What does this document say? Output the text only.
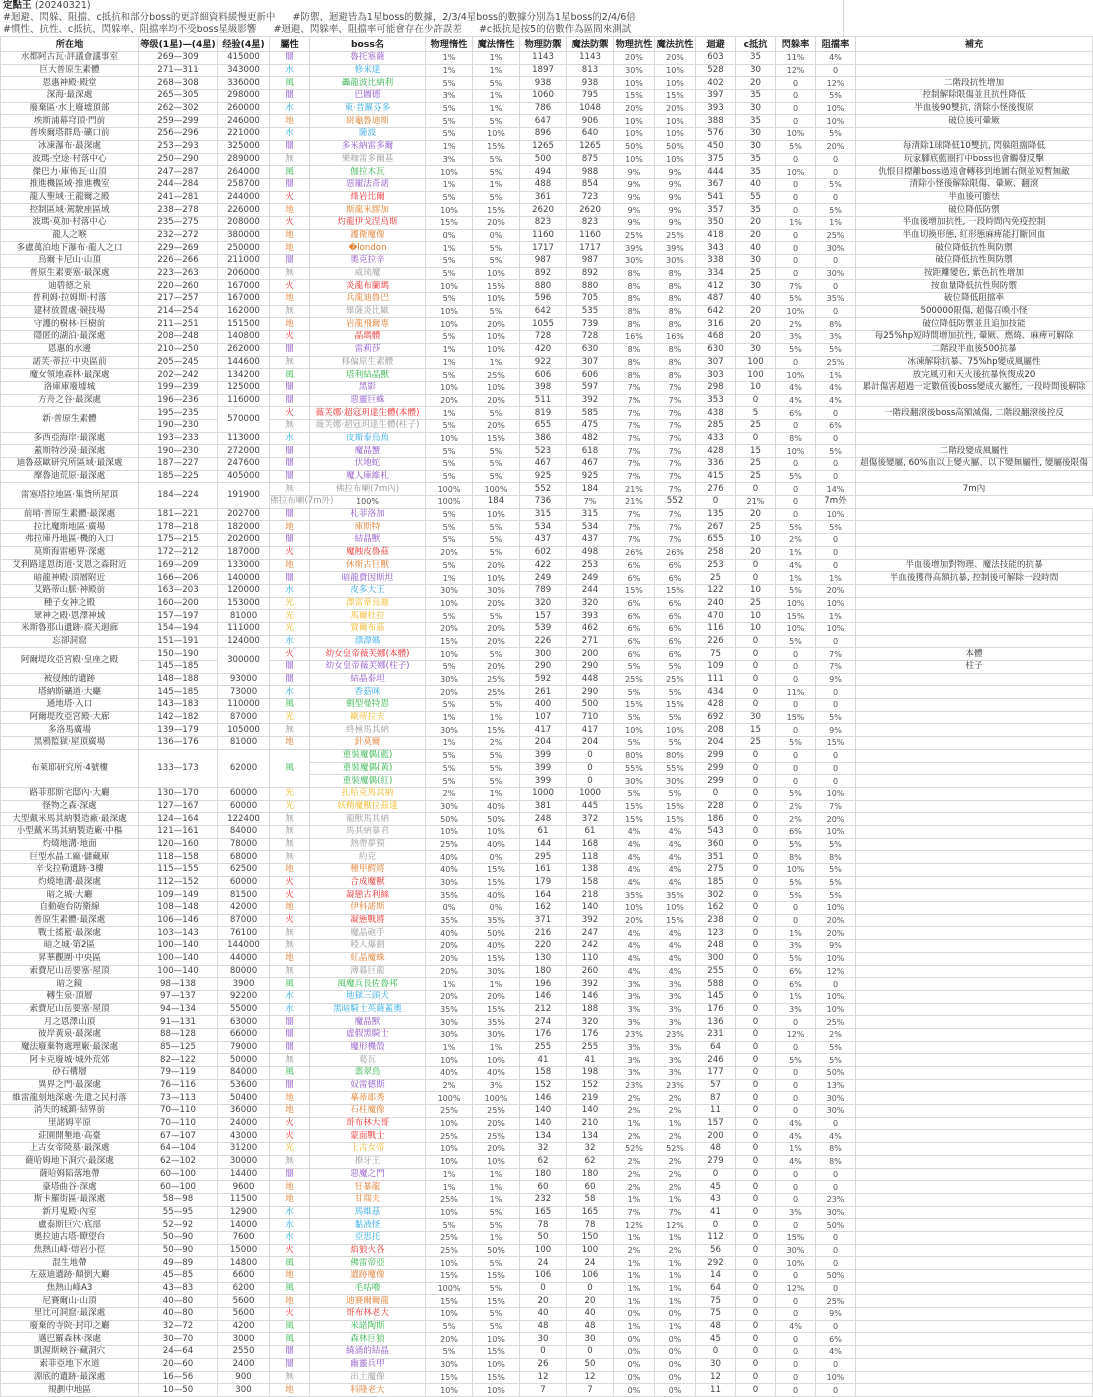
定點王 (20240321)
#迴避、閃躲、阻擋、c抵抗和部分boss的更詳細資料緩慢更新中 #防禦、迴避皆為1星boss的數據，2/3/4星boss的數據分別為1星boss的2/4/6倍
#慣性、抗性、c抵抗、閃躲率、阻擋率均不受boss星級影響 #迴避、閃躲率、阻擋率可能會存在少許誤差 #c抵抗是按5的倍數作為區間來測試
所在地	等级(1星)—(4星)	经验(4星)	屬性	boss名	物理惰性	魔法惰性	物理防禦	魔法防禦	物理抗性	魔法抗性	迴避	c抵抗	閃躲率	阻擋率	補充
水都阿古瓦·評議會議事室	269—309	415000	闇	魯托塞薩	1%	1%	1143	1143	20%	20%	603	35	11%	4%	
巨大普原生素體	271—311	343000	水	修米達	1%	1%	1897	813	30%	10%	528	30	12%	0	
恩惠神殿·殿堂	268—308	336000	風	轟龍波比納利	5%	5%	938	938	10%	10%	402	20	0	12%	二階段抗性增加
深海·最深處	265—305	298000	闇	巴圖德	3%	1%	1060	795	15%	15%	397	35	0	5%	控制解除限傷並且抗性降低
廢棄區·水上廢墟頂部	262—302	260000	水	東·昔羅芬多	5%	1%	786	1048	20%	20%	393	30	0	10%	半血後90雙抗, 清除小怪後復原
埃斯浦幕穹頂·門前	259—299	246000	地	尉龜魯迪斯	5%	5%	647	906	10%	10%	388	35	0	10%	破位後可暈厥
普埃爾塔群島·礦口前	256—296	221000	水	薩波	5%	10%	896	640	10%	10%	576	30	10%	5%	
冰凍瀑布·最深處	253—293	325000	闇	多米納雷多爾	1%	15%	1265	1265	50%	50%	450	30	5%	20%	每清除1球降低10雙抗, 閃躲阻擋降低
波瑪·空途·村落中心	250—290	289000	無	樂咖雷多爾基	3%	5%	500	875	10%	10%	375	35	0	0	玩家腳底藍圈打中boss也會觸發反擊
傑巴力·庫佈瓦·山頂	247—287	264000	風	伽拉木瓦	10%	5%	494	988	9%	9%	444	35	10%	0	仇恨目標離boss過遠會轉移到地圖右側並短暫無敵
推進機區域·推進機室	244—284	258700	闇	惡寵法奇諾	1%	1%	488	854	9%	9%	367	40	0	5%	清除小怪後解除限傷、暈厥、翻滾
龍人聖域·王龍爾之殿	241—281	244000	火	烽岩比爾	5%	5%	361	723	9%	9%	541	55	0	0	半血後可膽怯
控制區域·駕駛座區域	238—278	226000	地	斯龍米繆加	10%	15%	2620	2620	9%	9%	357	35	0	5%	破位降低防禦
波瑪·莫加·村落中心	235—275	208000	火	灼龍伊戈涅烏斯	15%	20%	823	823	9%	9%	350	20	1%	1%	半血後增加抗性, 一段時間內免疫控制
龍人之喉	232—272	380000	地	護衛魔像	0%	0%	1160	1160	25%	25%	418	20	0	25%	半血切換形態, 紅形態麻痺能打斷回血
多盧萬泊地下瀑布·龍人之口	229—269	250000	地	�london	1%	5%	1717	1717	39%	39%	343	40	0	30%	破位降低抗性與防禦
烏爾卡尼山·山頂	226—266	211000	闇	奧克拉辛	5%	5%	987	987	30%	30%	338	30	0	0	破位降低抗性與防禦
普原生素要塞·最深處	223—263	206000	無	威琉魔	5%	10%	892	892	8%	8%	334	25	0	30%	按距離變色, 紫色抗性增加
迪碧德之泉	220—260	167000	火	炎龍布蘭瑪	10%	15%	880	880	8%	8%	412	30	7%	0	按血量降低抗性與防禦
普利姆·拉姆斯·村落	217—257	167000	地	兵龍迪魯巴	5%	10%	596	705	8%	8%	487	40	5%	35%	破位降低阻擋率
建材放置處·競技場	214—254	162000	無	畢薩炎比歐	10%	5%	642	535	8%	8%	642	20	10%	0	500000限傷, 超傷召喚小怪
守護的樹林·巨樹前	211—251	151500	地	岩龍飛爾専	10%	20%	1055	739	8%	8%	316	20	2%	8%	破位降低防禦並且追加技能
隱匿的湖泊·最深處	208—248	140800	火	晶瑪體	5%	10%	728	728	16%	16%	468	20	3%	3%	每25%hp短時間增加抗性, 暈厥、燃燒、麻痺可解除
恩惠的水邊	210—250	262000	闇	雷莉莎	1%	10%	420	630	8%	8%	630	30	5%	5%	二階段半血後500抗暴
諾芙·蒂拉·中央區前	205—245	144600	無	移偏原生素體	1%	1%	922	307	8%	8%	307	100	0	25%	冰凍解除抗暴、75%hp變成風屬性
魔女領地森林·最深處	202—242	134200	風	塔利結晶獸	5%	25%	606	606	8%	8%	303	100	10%	1%	放完風刃和天火後抗暴恢復成20
洛庫庫廢墟城	199—239	125000	闇	黑影	10%	10%	398	597	7%	7%	298	10	4%	4%	累計傷害超過一定數值後boss變成火屬性, 一段時間後解除
方舟之谷·最深處	196—236	116000	闇	惡靈巨蛛	20%	20%	511	392	7%	7%	353	0	4%	4%	
新·普原生素體	195—235	570000	火	薇芙娜·超寇玥達生體(本體)	1%	5%	819	585	7%	7%	438	5	6%	0	一階段翻滾後boss高額減傷, 二階段翻滾後控反
	190—230		無	薇芙娜·超寇玥達生體(柱子)	5%	20%	655	475	7%	7%	285	25	0	6%	
多西亞海岸·最深處	193—233	113000	水	皮斯泰烏魚	10%	15%	386	482	7%	7%	433	0	8%	0	
蓋斯特沙漠·最深處	190—230	272000	闇	魔晶蟹	5%	5%	523	618	7%	7%	428	15	10%	5%	二階段變成風屬性
迪魯茲歐研究所區域·最深處	187—227	247600	闇	伏地蛇	5%	5%	467	467	7%	7%	336	25	0	0	超傷後變屬, 60%血以上變火屬、以下變無屬性, 變屬後限傷
摩魯迪荒原·最深處	185—225	405000	闇	魔人庫維札	5%	5%	925	925	7%	7%	415	25	5%	0	
雷塞塔拉地區·集貨所屋頂	184—224	191900	無	佛拉布喇(7m內)	100%	100%	552	184	21%	7%	276	0	0	14%	7m內
			佛拉布喇(7m外)	100%	100%	184	736	7%	21%	552	0	21%	0	7m外	
前哨·普原生素體·最深處	181—221	202700	闇	札菲洛加	5%	10%	315	315	7%	7%	135	20	0	10%	
拉比魔斯地區·廣場	178—218	182000	地	庫斯特	5%	5%	534	534	7%	7%	267	25	5%	5%	
弗拉庫丹地區·機的入口	175—215	202000	闇	結晶獸	5%	5%	437	437	7%	7%	655	10	2%	0	
莫斯海雷癒界·深處	172—212	187000	火	魔蝕皮魯茲	20%	5%	602	498	26%	26%	258	20	1%	0	
艾利路達恩街道·艾恩之森附近	169—209	133000	地	休斯古巨獸	5%	20%	422	253	6%	6%	253	0	4%	0	半血後增加對物理、魔法技能的抗暴
暗龍神殿·頂層附近	166—206	140000	闇	暗龍費因斯坦	1%	10%	249	249	6%	6%	25	0	1%	1%	半血後獲得高額抗暴, 控制後可解除一段時間
艾路蒂山脈·神殿前	163—203	120000	水	皮多大王	30%	30%	789	244	15%	15%	122	10	5%	20%	
種子女神之殿	160—200	153000	光	澤雷蒂烏迦	10%	20%	320	320	6%	6%	240	25	10%	10%	
眾神之殿·恩澤神域	157—197	81000	光	馬爾杜拉	5%	5%	157	393	6%	6%	470	10	15%	1%	
米斯魯那山遺跡·腐天迴廊	154—194	111000	光	賈爾布茲	20%	20%	539	462	6%	6%	116	10	10%	10%	
忘卻洞窟	151—191	124000	水	漂漂媽	15%	20%	226	271	6%	6%	226	0	5%	0	
阿爾堤玫亞宮殿·皇座之殿	150—190	300000	火	幼女皇帝薇芙娜(本體)	10%	5%	300	200	6%	6%	75	0	0	7%	本體
	145—185		闇	幼女皇帝薇芙娜(柱子)	5%	20%	290	290	5%	5%	109	0	0	7%	柱子
被侵蝕的遺跡	148—188	93000	闇	結晶泰坦	30%	25%	592	448	25%	25%	111	0	0	9%	
塔納斯礦道·大廳	145—185	73000	水	香菇咪	20%	25%	261	290	5%	5%	434	0	11%	0	
通地塔·入口	143—183	110000	風	劍型曼特恩	5%	5%	400	500	15%	15%	428	0	0	0	
阿爾堤玫亞宮殿·大廊	142—182	87000	光	歐蒂拉夫	1%	1%	107	710	5%	5%	692	30	15%	5%	
多洛馬廣場	139—179	105000	無	終極馬其納	30%	15%	417	417	10%	10%	208	15	0	9%	
黑鴉監獄·屋頂廣場	136—176	81000	地	針莫爾	1%	2%	204	204	5%	5%	204	25	5%	15%	
布萊耶研究所·4號樓	133—173	62000	風	重裝魔偶(藍)	5%	5%	399	0	80%	80%	299	0	0	0	
				重裝魔偶(黃)	5%	5%	399	0	55%	55%	299	0	0	0	
				重裝魔偶(紅)	5%	5%	399	0	30%	30%	299	0	0	0	
路菲那斯宅邸內·大廳	130—170	60000	光	扎哈克馬其納	2%	1%	1000	1000	5%	5%	0	0	5%	10%	
怪物之森·深處	127—167	60000	光	妖精魔獸拉茲達	30%	40%	381	445	15%	15%	228	0	2%	7%	
大型戴米馬其納製造廠·最深處	124—164	122400	無	龍獸馬其納	50%	50%	248	372	15%	15%	186	0	2%	20%	
小型戴米馬其納製造廠·中樞	121—161	84000	無	馬其納暴君	10%	10%	61	61	4%	4%	543	0	6%	10%	
灼燒地溝·地面	120—160	78000	無	熱帶夢獏	25%	40%	144	168	4%	4%	360	0	5%	5%	
巨型水晶工廠·儲藏庫	118—158	68000	無	約克	40%	0%	295	118	4%	4%	351	0	8%	8%	
辛戈拉勒遺跡·3樓	115—155	62500	地	種甲鰐將	40%	15%	161	138	4%	4%	275	0	10%	5%	
灼燒地溝·最深處	112—152	60000	火	合成魔獸	30%	15%	179	158	4%	4%	185	0	5%	5%	
暗之城·大廳	109—149	81500	火	凝戀古利絲	35%	40%	164	218	35%	35%	302	0	5%	5%	
自動砲台防衛線	108—148	42000	地	伊科諾斯	0%	0%	162	140	10%	10%	162	0	0	10%	
普原生素體·最深處	106—146	87000	火	凝態戰將	35%	35%	371	392	20%	15%	238	0	0	20%	
戰士搖籃·最深處	103—143	76100	無	魔晶砲手	40%	50%	216	247	4%	4%	123	0	1%	20%	
暗之城·第2區	100—140	144000	無	啞人爆劍	20%	40%	220	242	4%	4%	248	0	3%	9%	
昇華觀圍·中央區	100—140	44000	地	紅晶魔蛛	20%	15%	130	110	4%	4%	300	0	5%	10%	
索費尼山岳要塞·屋頂	100—140	80000	無	薄暮巨龍	20%	30%	180	260	4%	4%	255	0	6%	12%	
暗之鏡	98—138	3900	風	風魔兵長佐魯邦	1%	1%	196	392	3%	3%	588	0	6%	0	
轉生泉·頂層	97—137	92200	水	地獄三頭犬	20%	20%	146	146	3%	3%	145	0	1%	10%	
索費尼山岳要塞·屋頂	94—134	55000	水	黑暗騎士英薩蓋奧	35%	15%	212	188	3%	3%	176	0	3%	10%	
月之恩澤山頂	91—131	63000	闇	魔晶獸	30%	35%	274	320	3%	3%	136	0	0	25%	
彼岸黃泉·最深處	88—128	66000	闇	虛假黑騎士	30%	30%	176	176	23%	23%	231	0	12%	2%	
魔法廢棄物處理廠·最深處	85—125	79000	闇	魔形機殼	1%	1%	255	255	3%	3%	64	0	0	5%	
阿卡克廢城·城外荒郊	82—122	50000	無	葛瓦	10%	10%	41	41	3%	3%	246	0	5%	5%	
砂石構層	79—119	84000	風	翡翠鳥	40%	40%	158	198	3%	3%	177	0	0	50%	
異界之門·最深處	76—116	53600	闇	奴雷德斯	2%	3%	152	152	23%	23%	57	0	0	13%	
維雷龍刻地深處·先遣之民村落	73—113	50400	地	摹蒂耶秀	100%	100%	146	219	2%	2%	87	0	0	30%	
消失的城鎮·結界前	70—110	36000	地	石柱魔像	25%	25%	140	140	2%	2%	11	0	0	30%	
里諾姆平原	70—110	24000	火	哥布林大哥	10%	20%	140	210	1%	1%	157	0	4%	0	
莊園開墾地·高臺	67—107	43000	火	蒙面戰士	25%	25%	134	134	2%	2%	200	0	4%	4%	
上古女帝陵墓·最深處	64—104	31200	光	上古女帝	10%	20%	32	32	52%	52%	48	0	1%	8%	
薩哈姆地下洞穴·最深處	62—102	30000	無	撩牙王	10%	10%	62	62	2%	2%	279	0	4%	8%	
薩哈姆陷落地帶	60—100	14400	闇	惡魔之門	1%	1%	180	180	2%	2%	0	0	0	0	
豪塔曲谷·深處	60—100	9600	地	狂暴龍	1%	1%	60	60	2%	2%	45	0	0	0	
斯卡羅街區·最深處	58—98	11500	地	甘瑞夫	25%	1%	232	58	1%	1%	43	0	0	23%	
新月鬼殿·內室	55—95	12900	水	馬維茲	10%	5%	165	165	7%	7%	41	0	3%	30%	
盧泰斯巨穴·底部	52—92	14000	水	黏液怪	5%	5%	78	78	12%	12%	0	0	0	50%	
奧拉迪古塔·瞭望台	50—90	7600	水	亞思托	25%	1%	50	150	1%	1%	112	0	15%	0	
焦熱山峰·熔岩小徑	50—90	15000	火	焰狼火各	25%	50%	100	100	2%	2%	56	0	30%	0	
混生地帶	49—89	14800	風	佛雷帝亞	10%	5%	24	24	1%	1%	292	0	10%	0	
左茲迪遺跡·顛倒大廳	45—85	6600	地	遺跡魔像	15%	15%	106	106	1%	1%	14	0	0	50%	
焦熱山峰A3	43—83	6200	風	毛咕嚕	100%	5%	0	0	1%	1%	64	0	12%	0	
尼賽爾山·山頂	40—80	5600	地	迪賽爾爾龍	15%	15%	20	20	1%	1%	75	0	0	25%	
里比可洞窟·最深處	40—80	5600	火	哥布林老大	10%	5%	40	40	0%	0%	75	0	0	9%	
廢棄的寺院·封印之廳	32—72	4200	風	米諾陶斯	5%	5%	48	48	1%	1%	48	0	4%	0	
邁巴羅森林·深處	30—70	3000	風	森林巨狼	20%	10%	30	30	0%	0%	45	0	0	6%	
凱渥斯峽谷·藏洞穴	24—64	2550	闇	繞涌的結晶	5%	15%	0	0	0%	0%	0	0	0	4%	
索菲亞地下水道	20—60	2400	闇	幽靈兵甲	30%	10%	26	50	0%	0%	30	0	0	0	
淵底的遺跡·最深處	16—56	900	無	出土魔像	15%	15%	12	12	0%	0%	12	0	0	10%	
規劃中地區	10—50	300	地	料隆老大	10%	10%	7	7	0%	0%	11	0	0	0	
